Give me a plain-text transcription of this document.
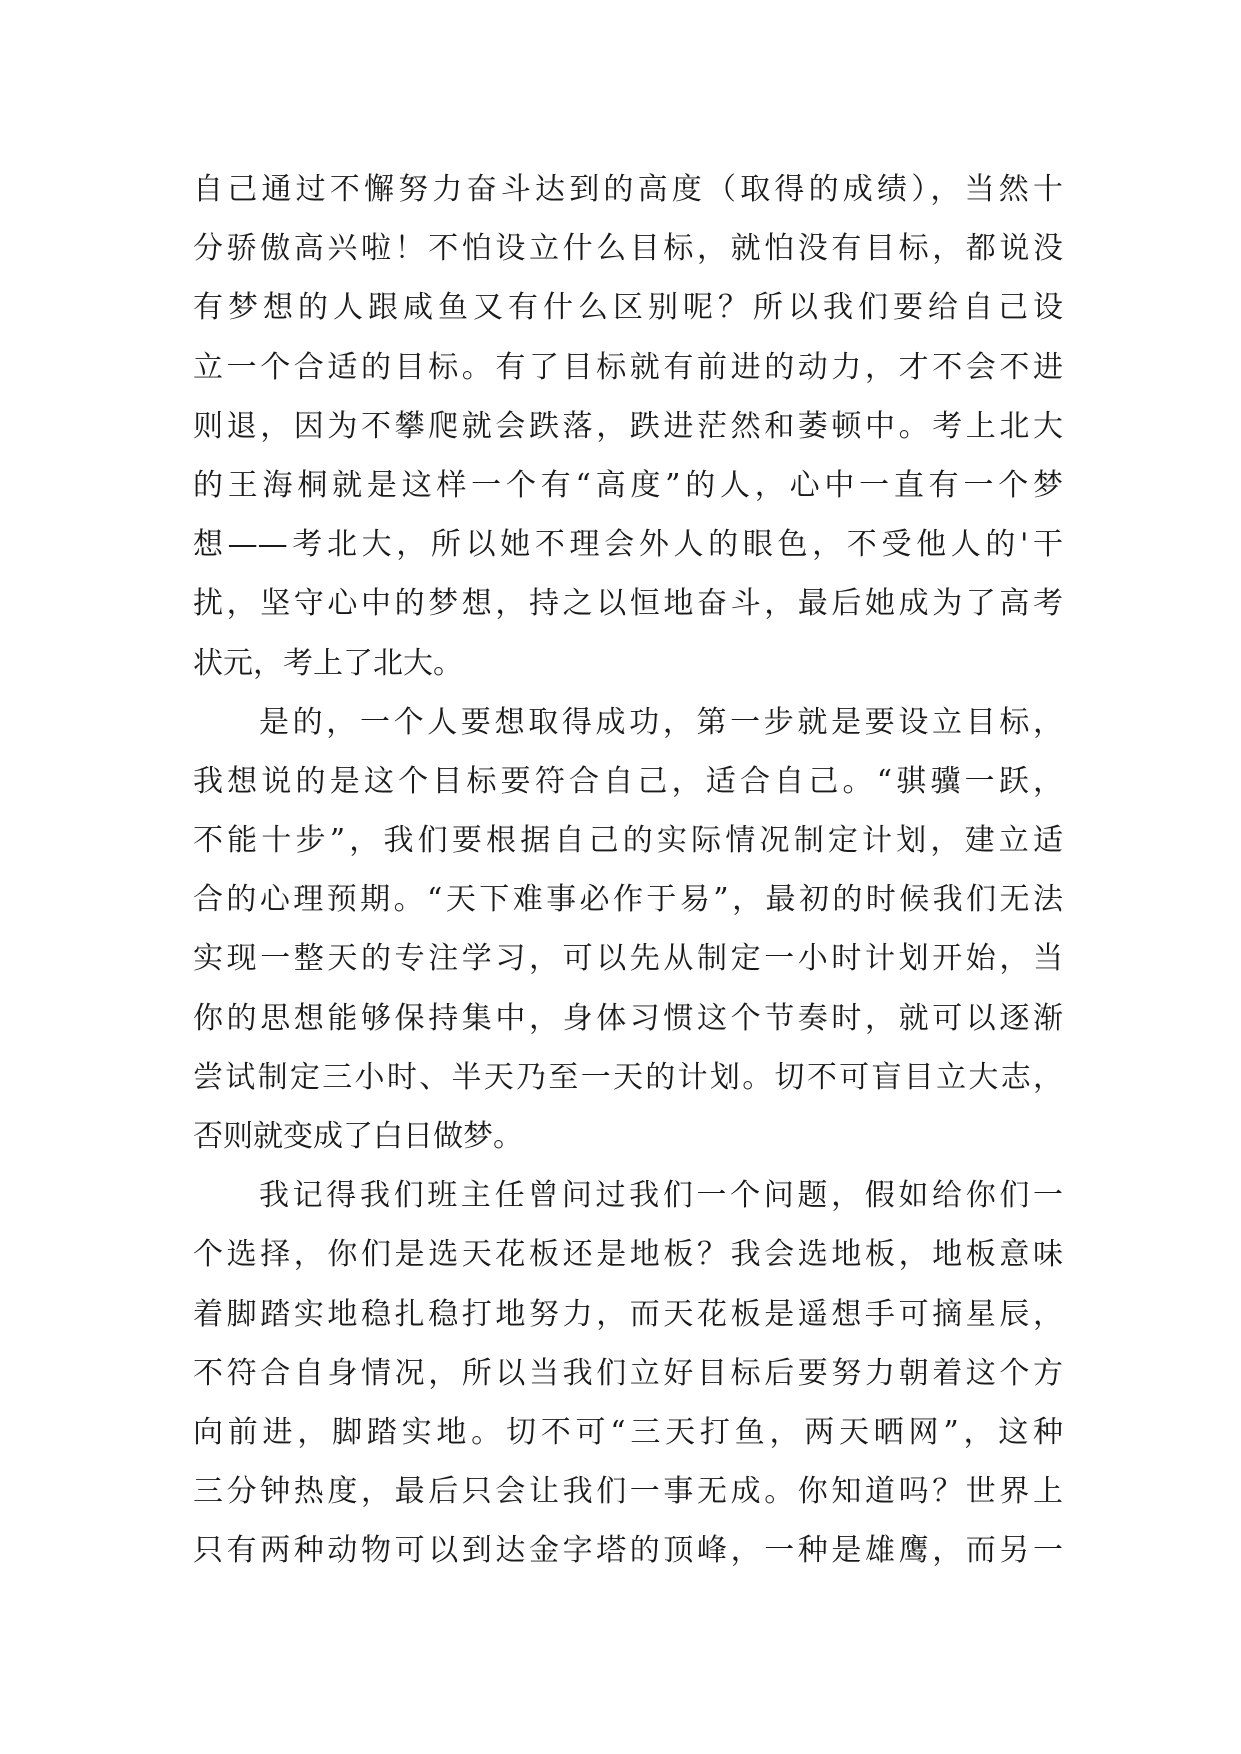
自己通过不懈努力奋斗达到的高度（取得的成绩），当然十
分骄傲高兴啦！不怕设立什么目标，就怕没有目标，都说没
有梦想的人跟咸鱼又有什么区别呢？所以我们要给自己设
立一个合适的目标。有了目标就有前进的动力，才不会不进
则退，因为不攀爬就会跌落，跌进茫然和萎顿中。考上北大
的王海桐就是这样一个有“高度”的人，心中一直有一个梦
想——考北大，所以她不理会外人的眼色，不受他人的'干
扰，坚守心中的梦想，持之以恒地奋斗，最后她成为了高考
状元，考上了北大。
是的，一个人要想取得成功，第一步就是要设立目标，
我想说的是这个目标要符合自己，适合自己。“骐骥一跃，
不能十步”，我们要根据自己的实际情况制定计划，建立适
合的心理预期。“天下难事必作于易”，最初的时候我们无法
实现一整天的专注学习，可以先从制定一小时计划开始，当
你的思想能够保持集中，身体习惯这个节奏时，就可以逐渐
尝试制定三小时、半天乃至一天的计划。切不可盲目立大志，
否则就变成了白日做梦。
我记得我们班主任曾问过我们一个问题，假如给你们一
个选择，你们是选天花板还是地板？我会选地板，地板意味
着脚踏实地稳扎稳打地努力，而天花板是遥想手可摘星辰，
不符合自身情况，所以当我们立好目标后要努力朝着这个方
向前进，脚踏实地。切不可“三天打鱼，两天晒网”，这种
三分钟热度，最后只会让我们一事无成。你知道吗？世界上
只有两种动物可以到达金字塔的顶峰，一种是雄鹰，而另一
